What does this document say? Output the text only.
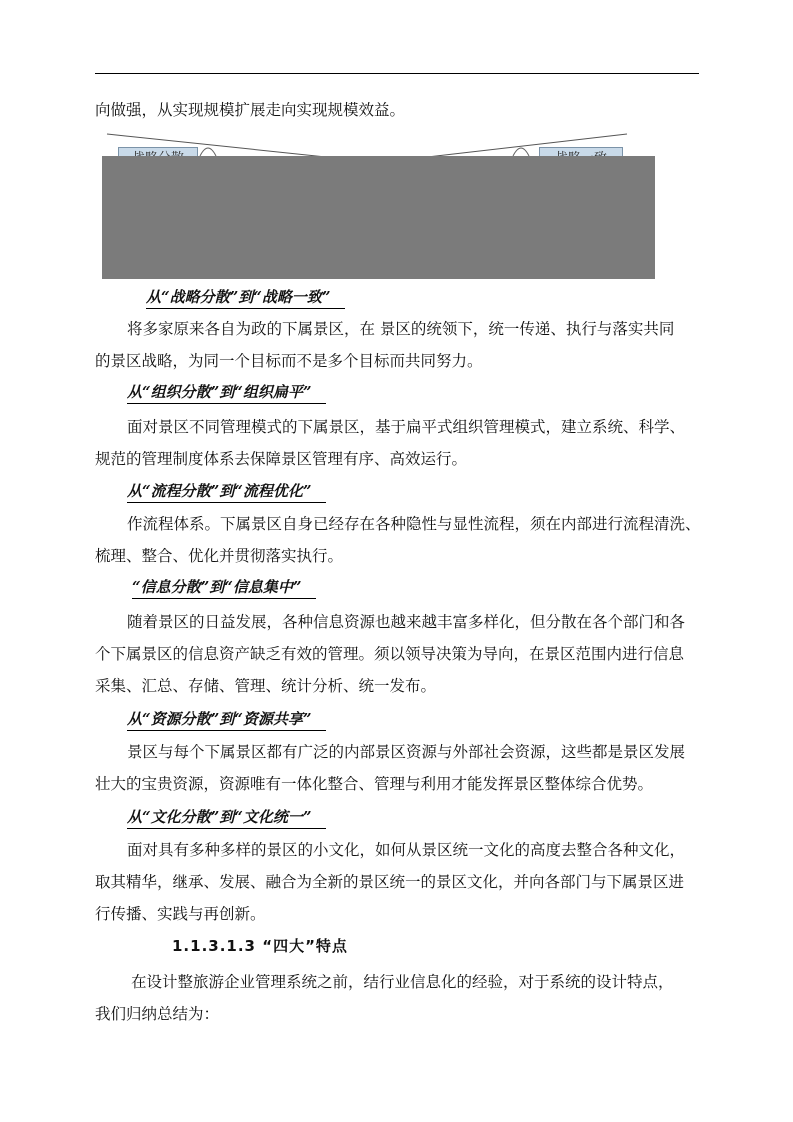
向做强，从实现规模扩展走向实现规模效益。

从“战略分散”到“战略一致”

将多家原来各自为政的下属景区，在 景区的统领下，统一传递、执行与落实共同

的景区战略，为同一个目标而不是多个目标而共同努力。

从“组织分散”到“组织扁平”

面对景区不同管理模式的下属景区，基于扁平式组织管理模式，建立系统、科学、

规范的管理制度体系去保障景区管理有序、高效运行。

从“流程分散”到“流程优化”

作流程体系。下属景区自身已经存在各种隐性与显性流程，须在内部进行流程清洗、

梳理、整合、优化并贯彻落实执行。

“信息分散”到“信息集中”

随着景区的日益发展，各种信息资源也越来越丰富多样化，但分散在各个部门和各

个下属景区的信息资产缺乏有效的管理。须以领导决策为导向，在景区范围内进行信息

采集、汇总、存储、管理、统计分析、统一发布。

从“资源分散”到“资源共享”

景区与每个下属景区都有广泛的内部景区资源与外部社会资源，这些都是景区发展

壮大的宝贵资源，资源唯有一体化整合、管理与利用才能发挥景区整体综合优势。

从“文化分散”到“文化统一”

面对具有多种多样的景区的小文化，如何从景区统一文化的高度去整合各种文化，

取其精华，继承、发展、融合为全新的景区统一的景区文化，并向各部门与下属景区进

行传播、实践与再创新。

1.1.3.1.3 “四大”特点

在设计整旅游企业管理系统之前，结行业信息化的经验，对于系统的设计特点，

我们归纳总结为：
